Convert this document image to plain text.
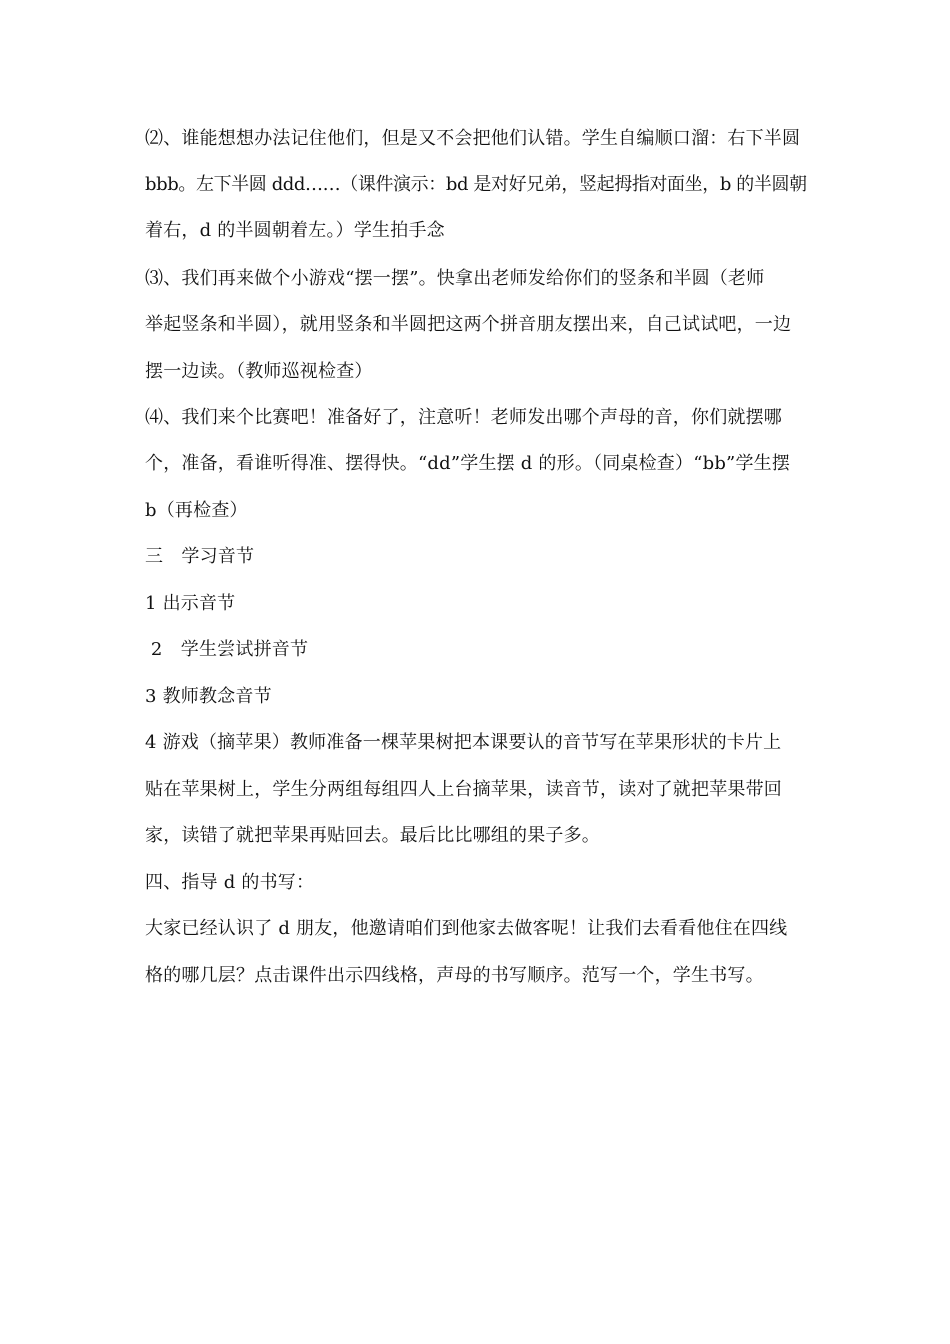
⑵、谁能想想办法记住他们，但是又不会把他们认错。学生自编顺口溜：右下半圆
bbb。左下半圆 ddd……（课件演示：bd 是对好兄弟，竖起拇指对面坐，b 的半圆朝
着右，d 的半圆朝着左。）学生拍手念
⑶、我们再来做个小游戏“摆一摆”。快拿出老师发给你们的竖条和半圆（老师
举起竖条和半圆），就用竖条和半圆把这两个拼音朋友摆出来，自己试试吧，一边
摆一边读。（教师巡视检查）
⑷、我们来个比赛吧！准备好了，注意听！老师发出哪个声母的音，你们就摆哪
个，准备，看谁听得准、摆得快。“dd”学生摆 d 的形。（同桌检查）“bb”学生摆
b（再检查）
三　学习音节
1 出示音节
2　学生尝试拼音节
3 教师教念音节
4 游戏（摘苹果）教师准备一棵苹果树把本课要认的音节写在苹果形状的卡片上
贴在苹果树上，学生分两组每组四人上台摘苹果，读音节，读对了就把苹果带回
家，读错了就把苹果再贴回去。最后比比哪组的果子多。
四、指导 d 的书写：
大家已经认识了 d 朋友，他邀请咱们到他家去做客呢！让我们去看看他住在四线
格的哪几层？点击课件出示四线格，声母的书写顺序。范写一个，学生书写。
